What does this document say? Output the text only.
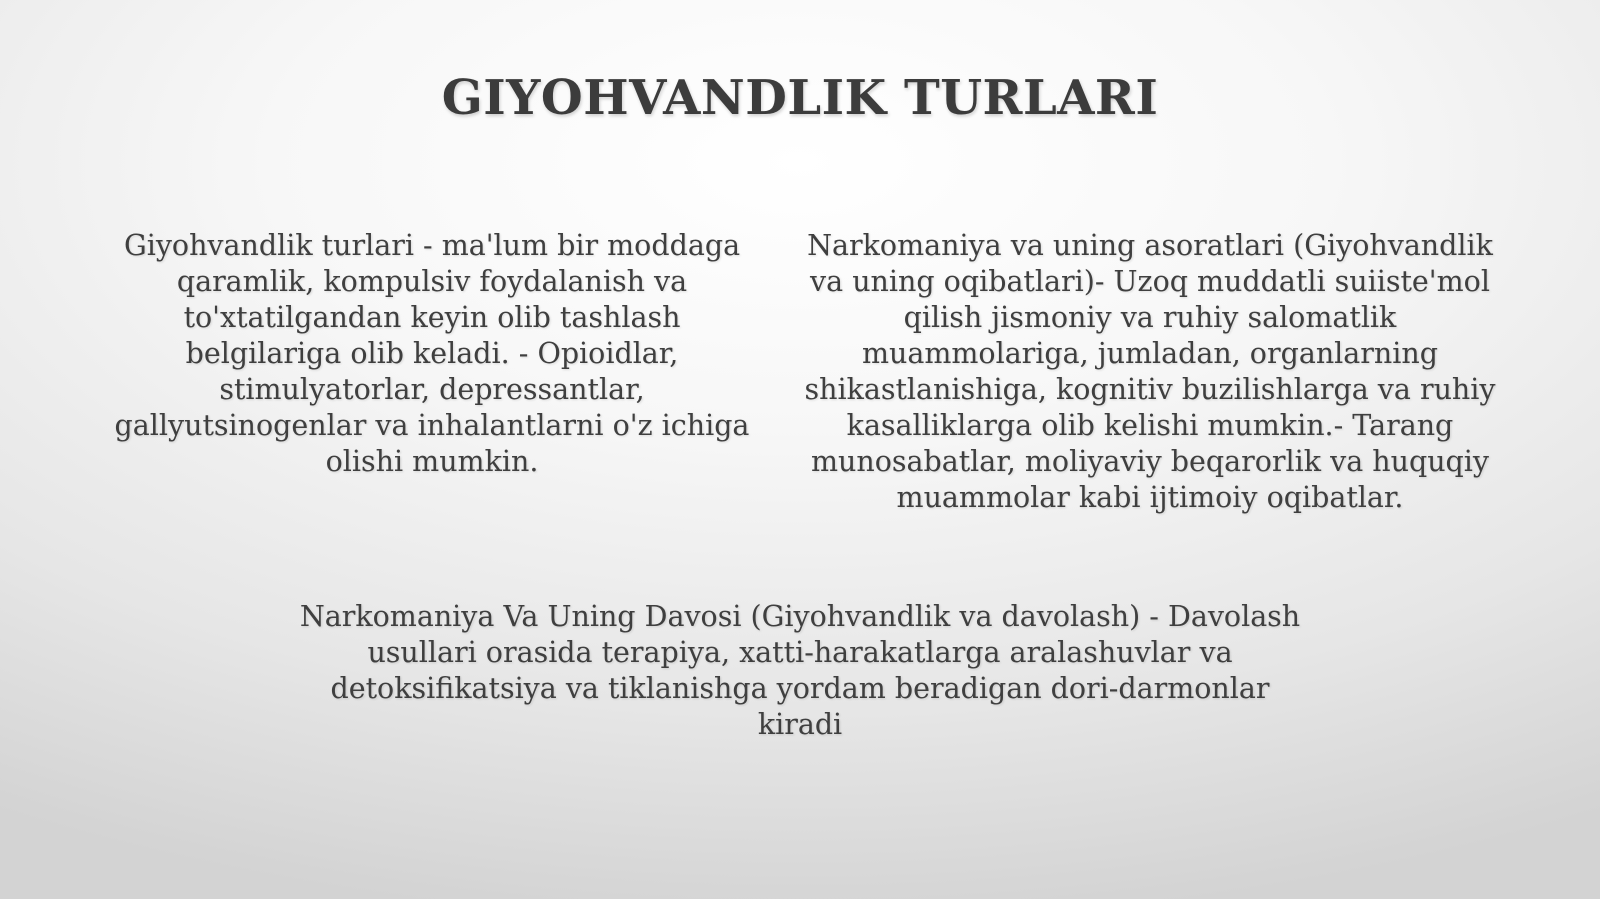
GIYOHVANDLIK TURLARI

Giyohvandlik turlari - ma'lum bir moddaga qaramlik, kompulsiv foydalanish va to'xtatilgandan keyin olib tashlash belgilariga olib keladi. - Opioidlar, stimulyatorlar, depressantlar, gallyutsinogenlar va inhalantlarni o'z ichiga olishi mumkin.

Narkomaniya va uning asoratlari (Giyohvandlik va uning oqibatlari)- Uzoq muddatli suiiste'mol qilish jismoniy va ruhiy salomatlik muammolariga, jumladan, organlarning shikastlanishiga, kognitiv buzilishlarga va ruhiy kasalliklarga olib kelishi mumkin.- Tarang munosabatlar, moliyaviy beqarorlik va huquqiy muammolar kabi ijtimoiy oqibatlar.

Narkomaniya Va Uning Davosi (Giyohvandlik va davolash) - Davolash usullari orasida terapiya, xatti-harakatlarga aralashuvlar va detoksifikatsiya va tiklanishga yordam beradigan dori-darmonlar kiradi
